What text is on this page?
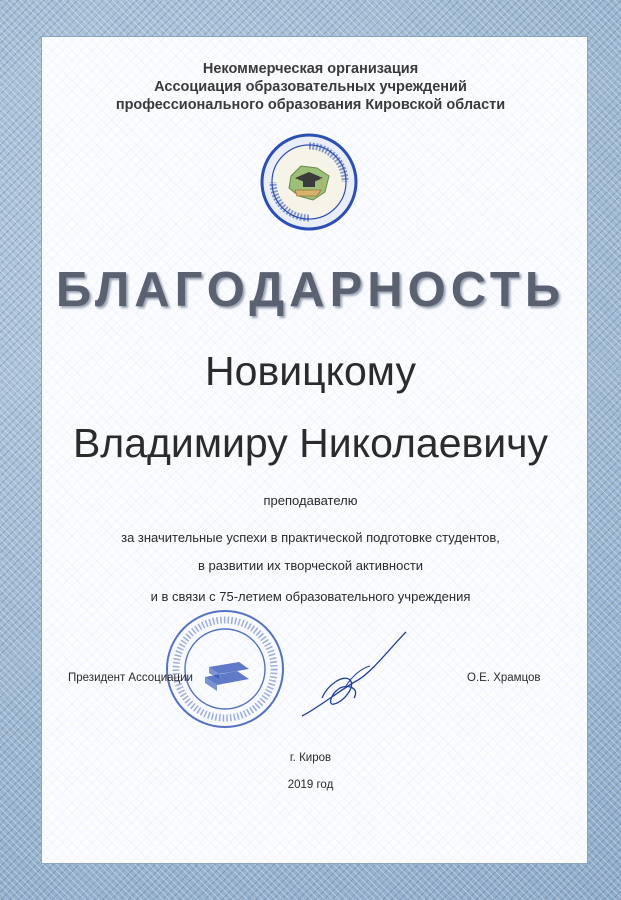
Некоммерческая организация
Ассоциация образовательных учреждений
профессионального образования Кировской области
БЛАГОДАРНОСТЬ
Новицкому
Владимиру Николаевичу
преподавателю
за значительные успехи в практической подготовке студентов,
в развитии их творческой активности
и в связи с 75-летием образовательного учреждения
Президент Ассоциации	О.Е. Храмцов
г. Киров
2019 год
